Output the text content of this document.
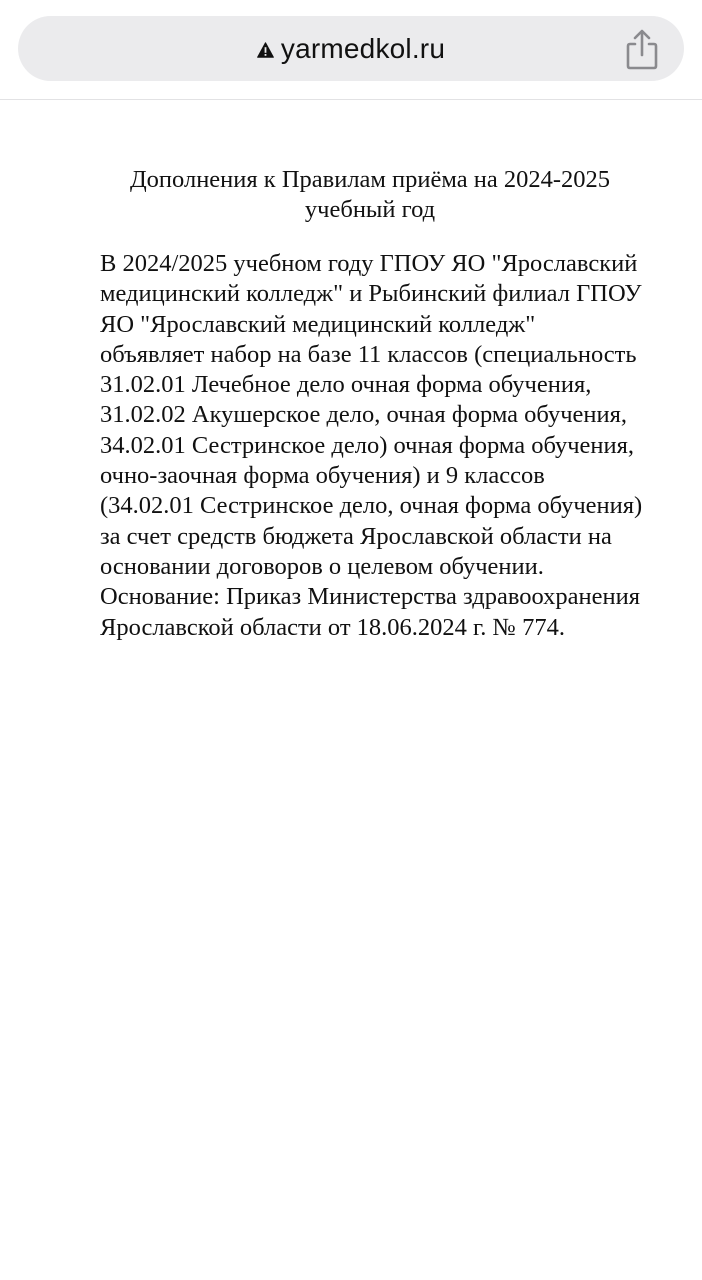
yarmedkol.ru
Дополнения к Правилам приёма на 2024-2025
учебный год
В 2024/2025 учебном году ГПОУ ЯО "Ярославский
медицинский колледж" и Рыбинский филиал ГПОУ
ЯО "Ярославский медицинский колледж"
объявляет набор на базе 11 классов (специальность
31.02.01 Лечебное дело очная форма обучения,
31.02.02 Акушерское дело, очная форма обучения,
34.02.01 Сестринское дело) очная форма обучения,
очно-заочная форма обучения) и 9 классов
(34.02.01 Сестринское дело, очная форма обучения)
за счет средств бюджета Ярославской области на
основании договоров о целевом обучении.
Основание: Приказ Министерства здравоохранения
Ярославской области от 18.06.2024 г. № 774.
